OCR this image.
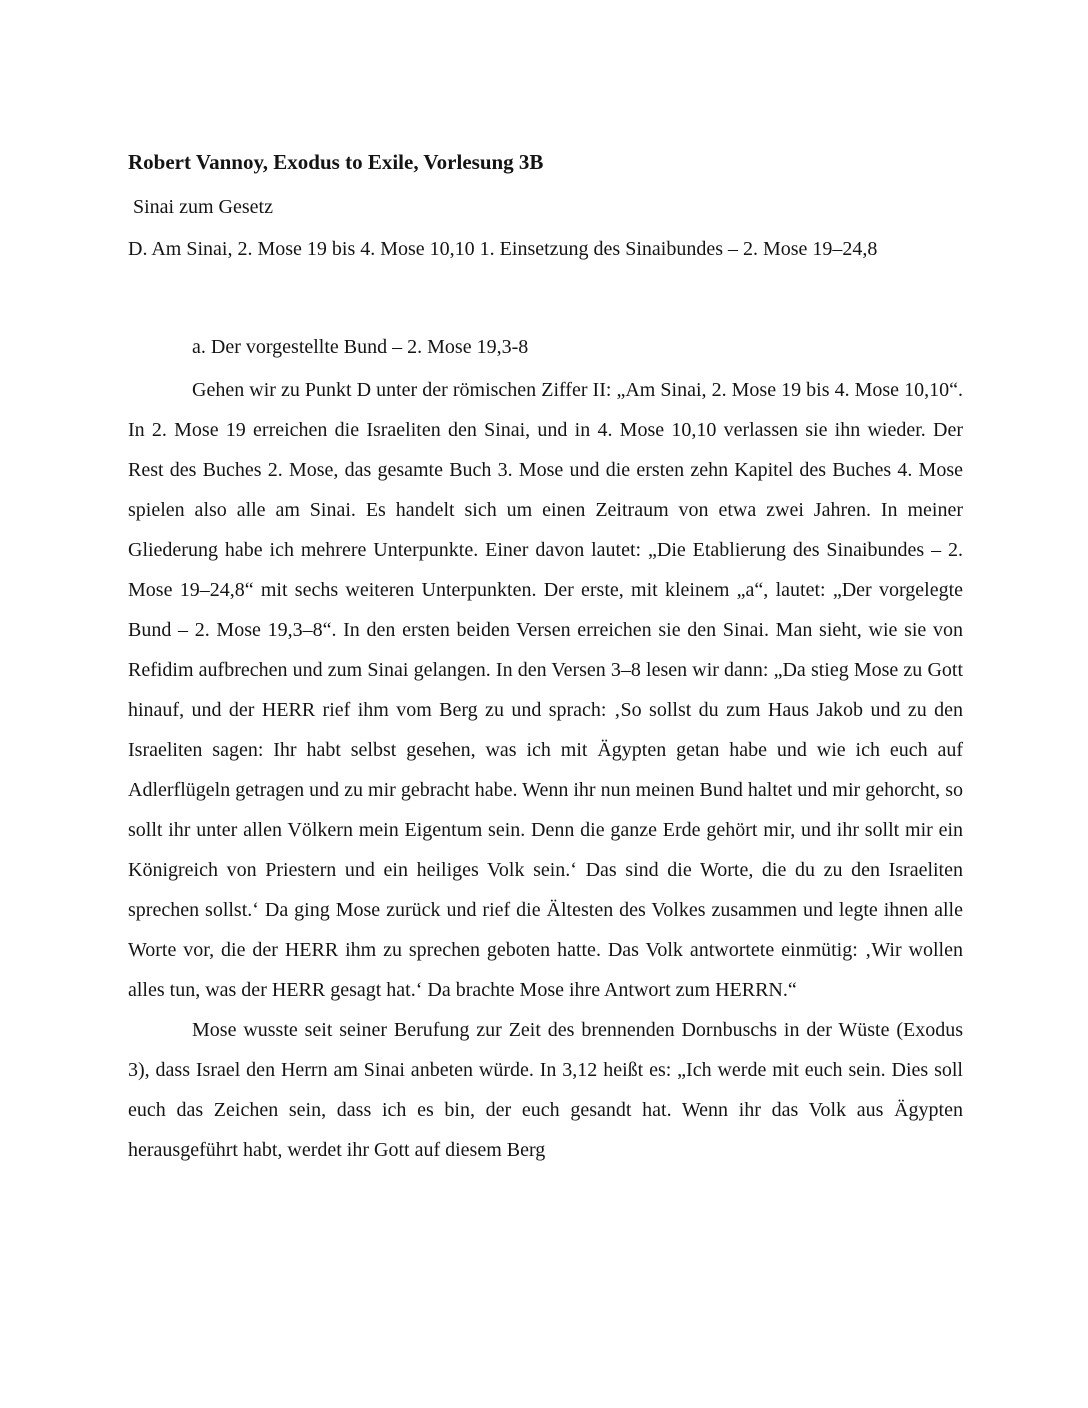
Robert Vannoy, Exodus to Exile, Vorlesung 3B
Sinai zum Gesetz

D. Am Sinai, 2. Mose 19 bis 4. Mose 10,10 1. Einsetzung des Sinaibundes – 2. Mose 19–24,8

a. Der vorgestellte Bund – 2. Mose 19,3-8

Gehen wir zu Punkt D unter der römischen Ziffer II: „Am Sinai, 2. Mose 19 bis 4. Mose 10,10“. In 2. Mose 19 erreichen die Israeliten den Sinai, und in 4. Mose 10,10 verlassen sie ihn wieder. Der Rest des Buches 2. Mose, das gesamte Buch 3. Mose und die ersten zehn Kapitel des Buches 4. Mose spielen also alle am Sinai. Es handelt sich um einen Zeitraum von etwa zwei Jahren. In meiner Gliederung habe ich mehrere Unterpunkte. Einer davon lautet: „Die Etablierung des Sinaibundes – 2. Mose 19–24,8“ mit sechs weiteren Unterpunkten. Der erste, mit kleinem „a“, lautet: „Der vorgelegte Bund – 2. Mose 19,3–8“. In den ersten beiden Versen erreichen sie den Sinai. Man sieht, wie sie von Refidim aufbrechen und zum Sinai gelangen. In den Versen 3–8 lesen wir dann: „Da stieg Mose zu Gott hinauf, und der HERR rief ihm vom Berg zu und sprach: ‚So sollst du zum Haus Jakob und zu den Israeliten sagen: Ihr habt selbst gesehen, was ich mit Ägypten getan habe und wie ich euch auf Adlerflügeln getragen und zu mir gebracht habe. Wenn ihr nun meinen Bund haltet und mir gehorcht, so sollt ihr unter allen Völkern mein Eigentum sein. Denn die ganze Erde gehört mir, und ihr sollt mir ein Königreich von Priestern und ein heiliges Volk sein.‘ Das sind die Worte, die du zu den Israeliten sprechen sollst.‘ Da ging Mose zurück und rief die Ältesten des Volkes zusammen und legte ihnen alle Worte vor, die der HERR ihm zu sprechen geboten hatte. Das Volk antwortete einmütig: ‚Wir wollen alles tun, was der HERR gesagt hat.‘ Da brachte Mose ihre Antwort zum HERRN.“

Mose wusste seit seiner Berufung zur Zeit des brennenden Dornbuschs in der Wüste (Exodus 3), dass Israel den Herrn am Sinai anbeten würde. In 3,12 heißt es: „Ich werde mit euch sein. Dies soll euch das Zeichen sein, dass ich es bin, der euch gesandt hat. Wenn ihr das Volk aus Ägypten herausgeführt habt, werdet ihr Gott auf diesem Berg
